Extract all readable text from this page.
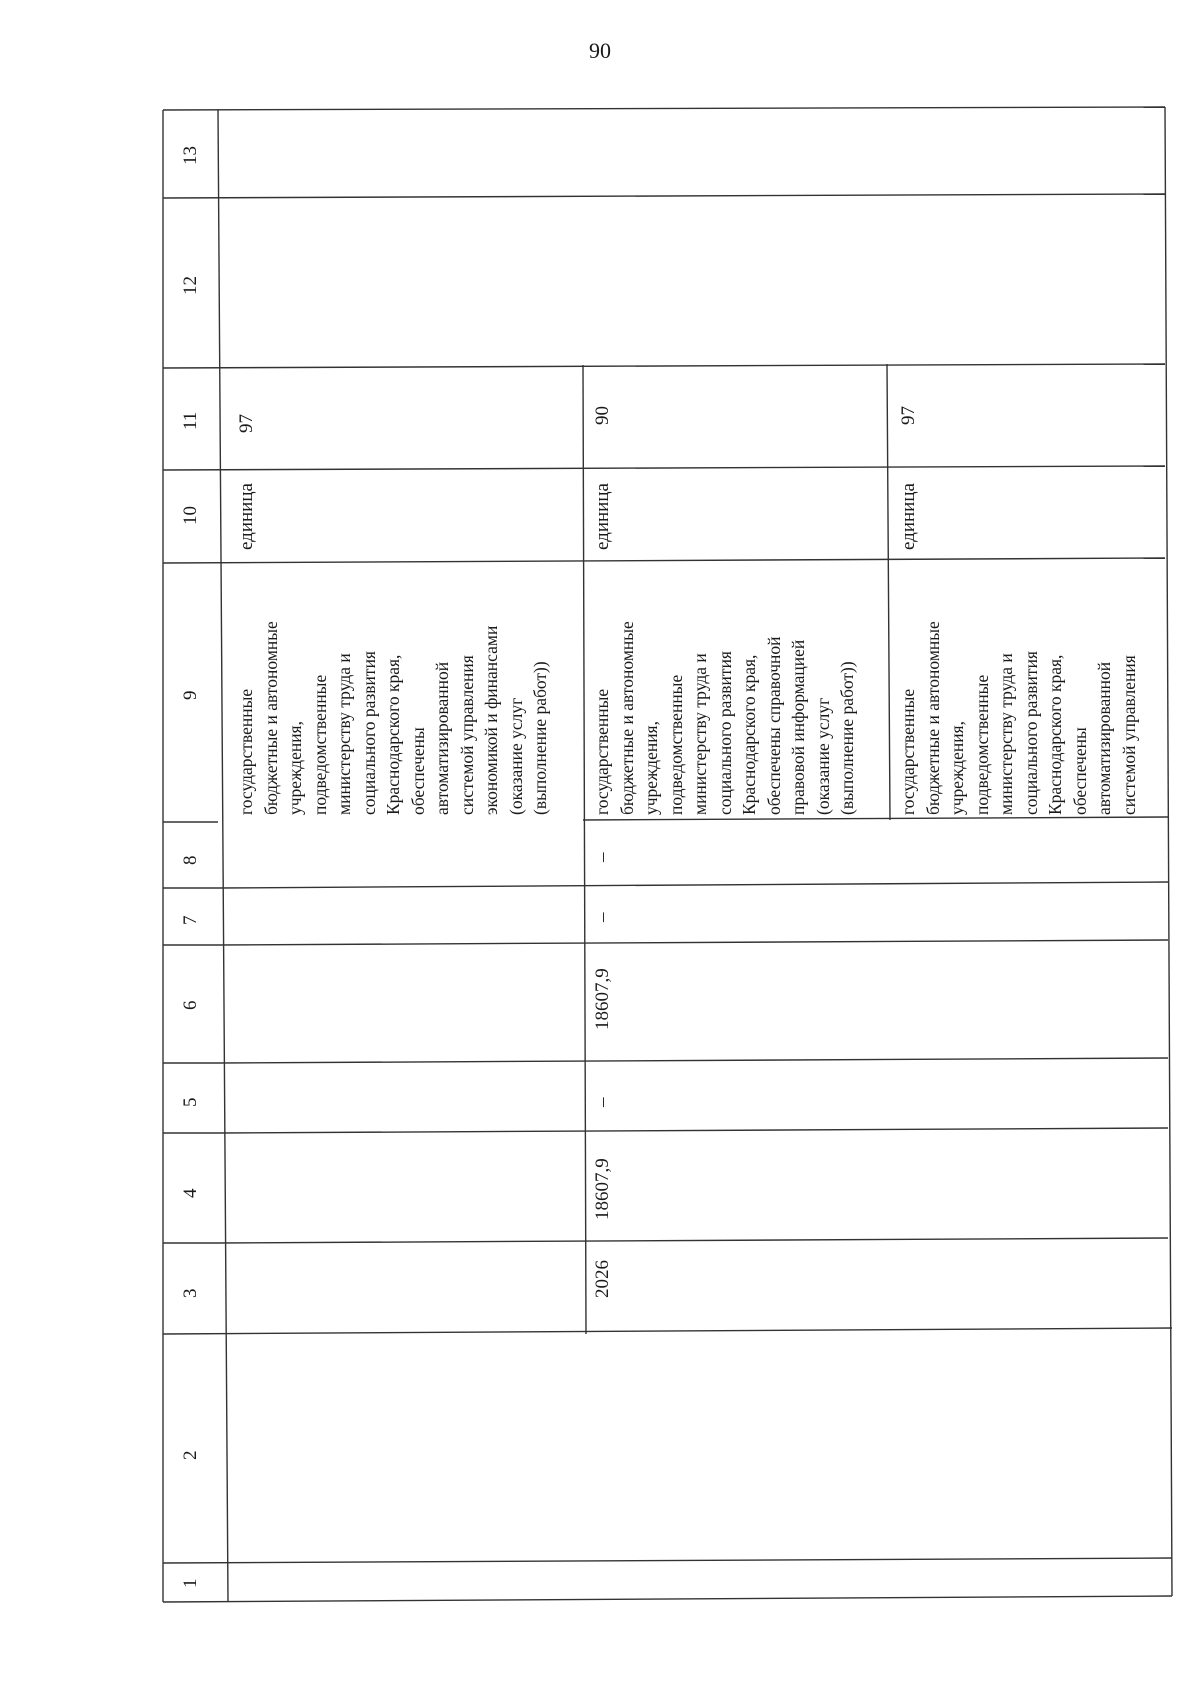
90
13
12
11
10
9
8
7
6
5
4
3
2
1
97
единица
государственные бюджетные и автономные учреждения, подведомственные министерству труда и социального развития Краснодарского края, обеспечены автоматизированной системой управления экономикой и финансами (оказание услуг (выполнение работ))
90
единица
государственные бюджетные и автономные учреждения, подведомственные министерству труда и социального развития Краснодарского края, обеспечены справочной правовой информацией (оказание услуг (выполнение работ))
–
–
18607,9
–
18607,9
2026
97
единица
государственные бюджетные и автономные учреждения, подведомственные министерству труда и социального развития Краснодарского края, обеспечены автоматизированной системой управления
